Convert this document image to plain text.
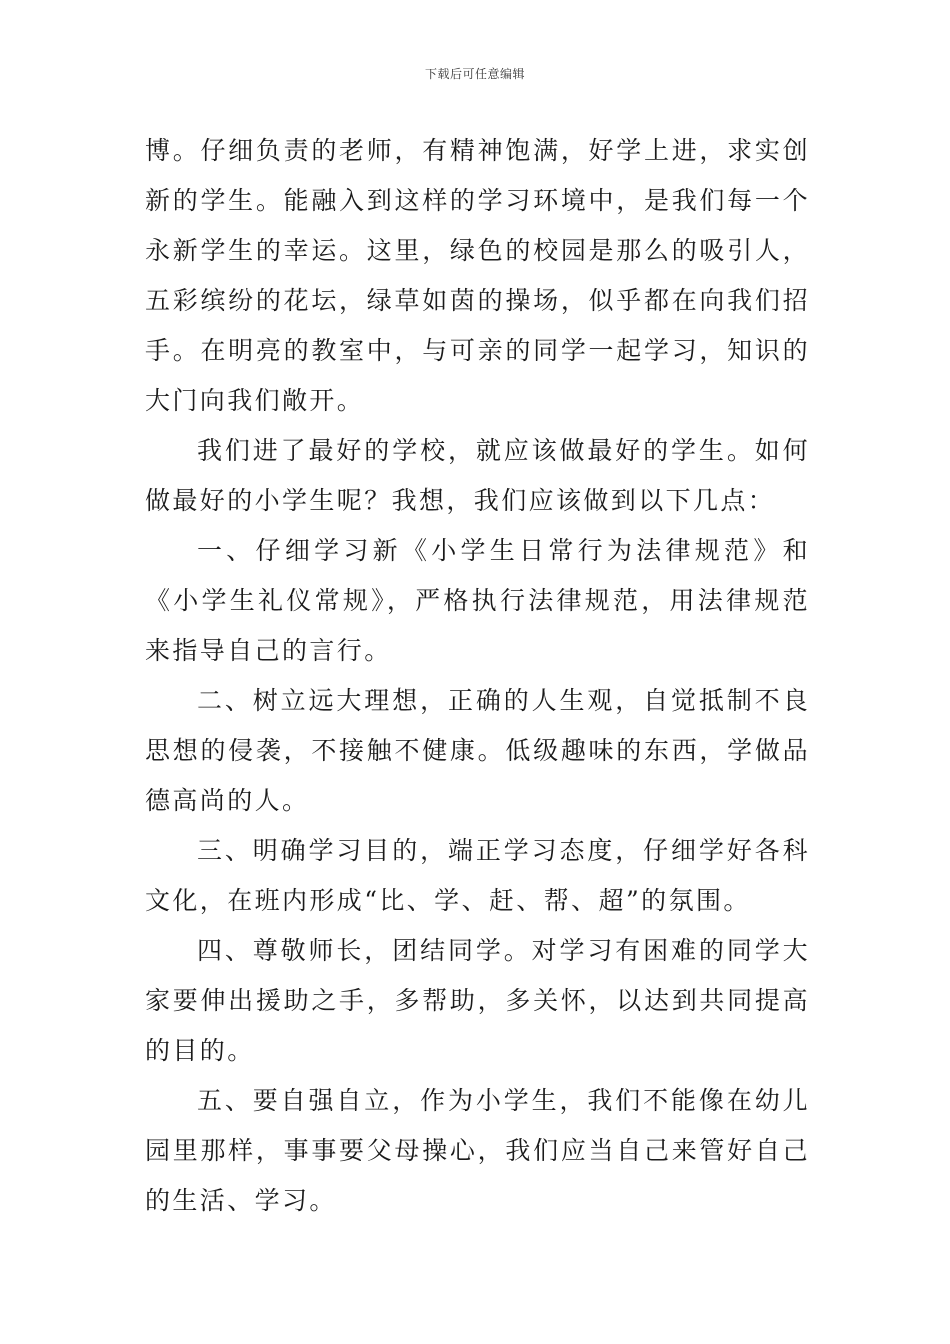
下载后可任意编辑

博。仔细负责的老师，有精神饱满，好学上进，求实创新的学生。能融入到这样的学习环境中，是我们每一个永新学生的幸运。这里，绿色的校园是那么的吸引人，五彩缤纷的花坛，绿草如茵的操场，似乎都在向我们招手。在明亮的教室中，与可亲的同学一起学习，知识的大门向我们敞开。

我们进了最好的学校，就应该做最好的学生。如何做最好的小学生呢？我想，我们应该做到以下几点：

一、仔细学习新《小学生日常行为法律规范》和《小学生礼仪常规》，严格执行法律规范，用法律规范来指导自己的言行。

二、树立远大理想，正确的人生观，自觉抵制不良思想的侵袭，不接触不健康。低级趣味的东西，学做品德高尚的人。

三、明确学习目的，端正学习态度，仔细学好各科文化，在班内形成“比、学、赶、帮、超”的氛围。

四、尊敬师长，团结同学。对学习有困难的同学大家要伸出援助之手，多帮助，多关怀，以达到共同提高的目的。

五、要自强自立，作为小学生，我们不能像在幼儿园里那样，事事要父母操心，我们应当自己来管好自己的生活、学习。
